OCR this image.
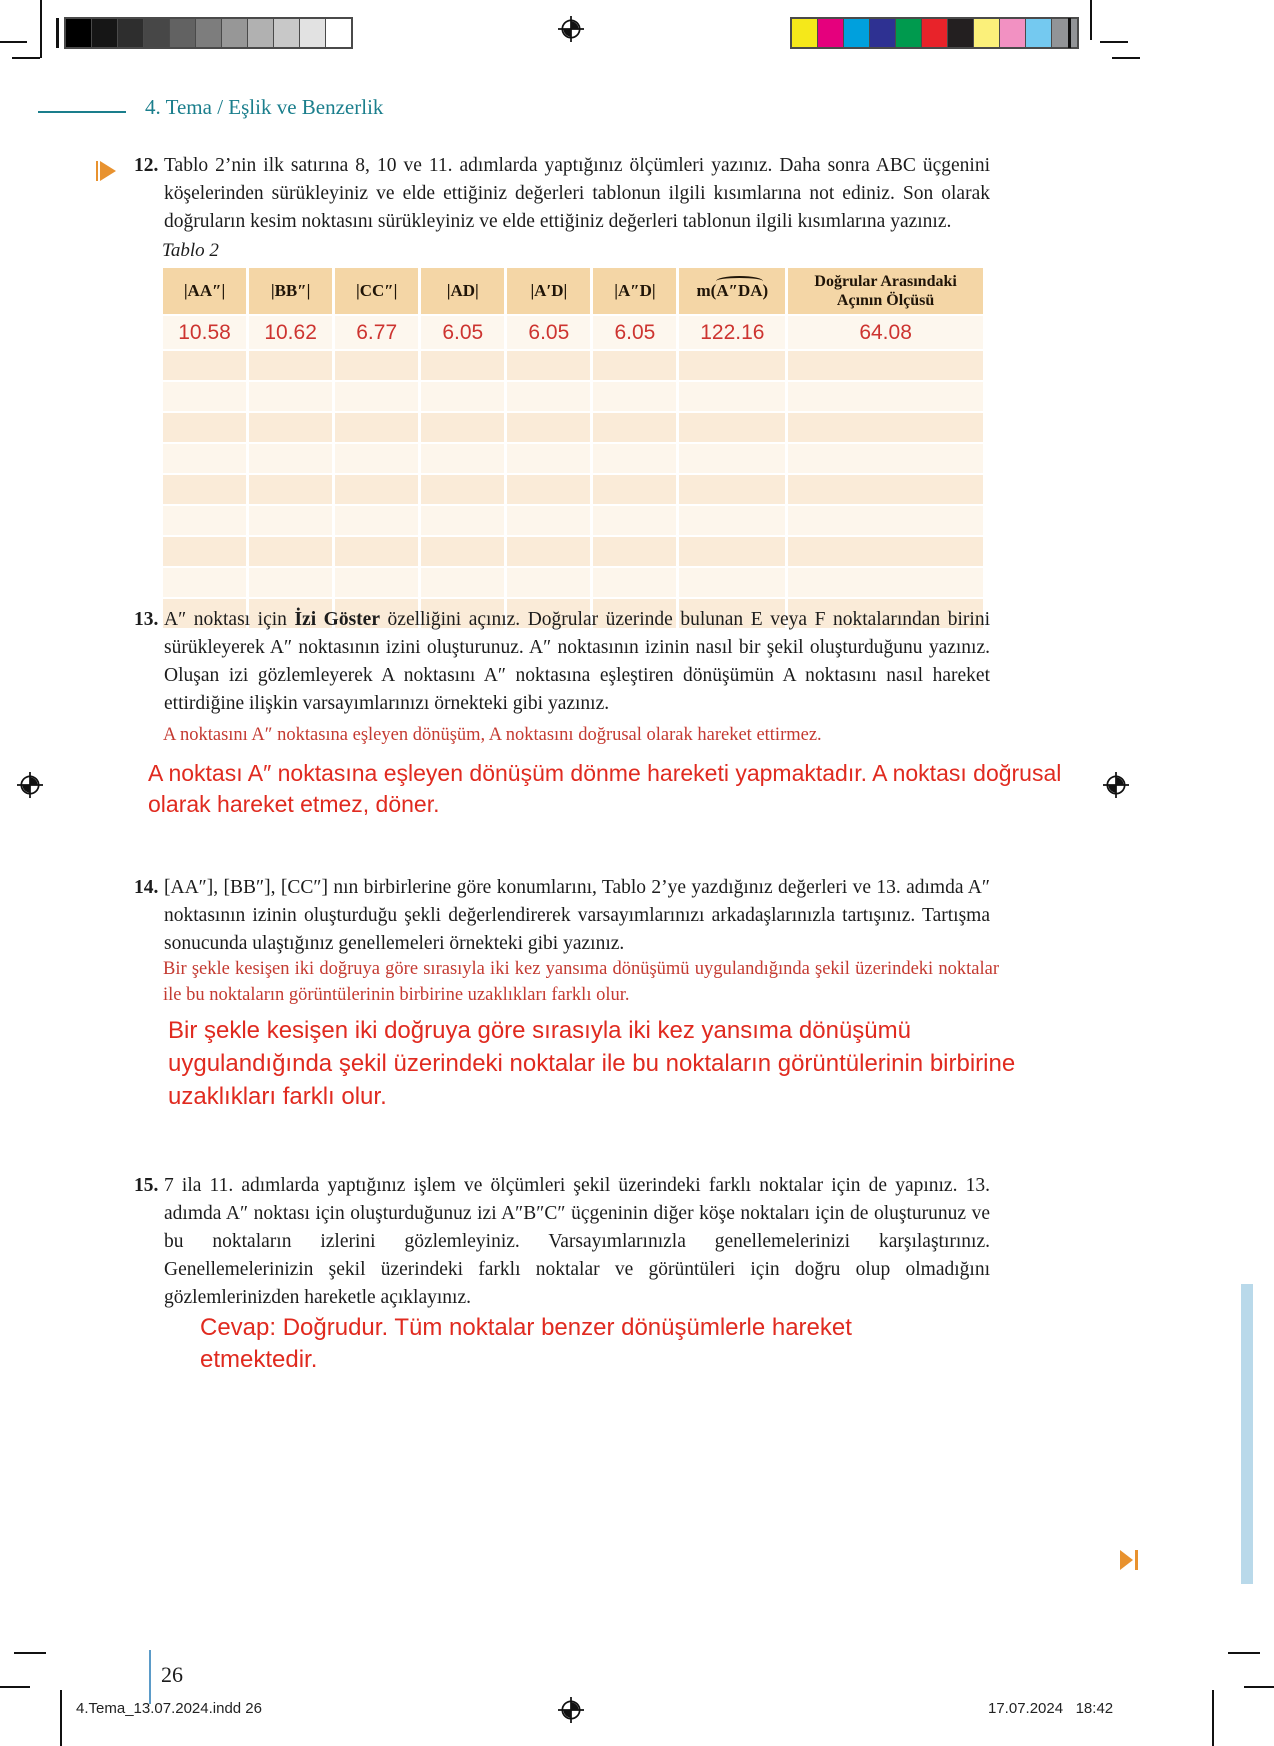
4. Tema / Eşlik ve Benzerlik
12. Tablo 2’nin ilk satırına 8, 10 ve 11. adımlarda yaptığınız ölçümleri yazınız. Daha sonra ABC üçgenini köşelerinden sürükleyiniz ve elde ettiğiniz değerleri tablonun ilgili kısımlarına not ediniz. Son olarak doğruların kesim noktasını sürükleyiniz ve elde ettiğiniz değerleri tablonun ilgili kısımlarına yazınız.
Tablo 2
|AA″|	|BB″|	|CC″|	|AD|	|A′D|	|A″D|	m(A″DA)	Doğrular Arasındaki Açının Ölçüsü
10.58	10.62	6.77	6.05	6.05	6.05	122.16	64.08

13. A″ noktası için İzi Göster özelliğini açınız. Doğrular üzerinde bulunan E veya F noktalarından birini sürükleyerek A″ noktasının izini oluşturunuz. A″ noktasının izinin nasıl bir şekil oluşturduğunu yazınız. Oluşan izi gözlemleyerek A noktasını A″ noktasına eşleştiren dönüşümün A noktasını nasıl hareket ettirdiğine ilişkin varsayımlarınızı örnekteki gibi yazınız.
A noktasını A″ noktasına eşleyen dönüşüm, A noktasını doğrusal olarak hareket ettirmez.
A noktası A″ noktasına eşleyen dönüşüm dönme hareketi yapmaktadır. A noktası doğrusal olarak hareket etmez, döner.
14. [AA″], [BB″], [CC″] nın birbirlerine göre konumlarını, Tablo 2’ye yazdığınız değerleri ve 13. adımda A″ noktasının izinin oluşturduğu şekli değerlendirerek varsayımlarınızı arkadaşlarınızla tartışınız. Tartışma sonucunda ulaştığınız genellemeleri örnekteki gibi yazınız.
Bir şekle kesişen iki doğruya göre sırasıyla iki kez yansıma dönüşümü uygulandığında şekil üzerindeki noktalar ile bu noktaların görüntülerinin birbirine uzaklıkları farklı olur.
Bir şekle kesişen iki doğruya göre sırasıyla iki kez yansıma dönüşümü uygulandığında şekil üzerindeki noktalar ile bu noktaların görüntülerinin birbirine uzaklıkları farklı olur.
15. 7 ila 11. adımlarda yaptığınız işlem ve ölçümleri şekil üzerindeki farklı noktalar için de yapınız. 13. adımda A″ noktası için oluşturduğunuz izi A″B″C″ üçgeninin diğer köşe noktaları için de oluşturunuz ve bu noktaların izlerini gözlemleyiniz. Varsayımlarınızla genellemelerinizi karşılaştırınız. Genellemelerinizin şekil üzerindeki farklı noktalar ve görüntüleri için doğru olup olmadığını gözlemlerinizden hareketle açıklayınız.
Cevap: Doğrudur. Tüm noktalar benzer dönüşümlerle hareket etmektedir.
26
4.Tema_13.07.2024.indd 26	17.07.2024 18:42
